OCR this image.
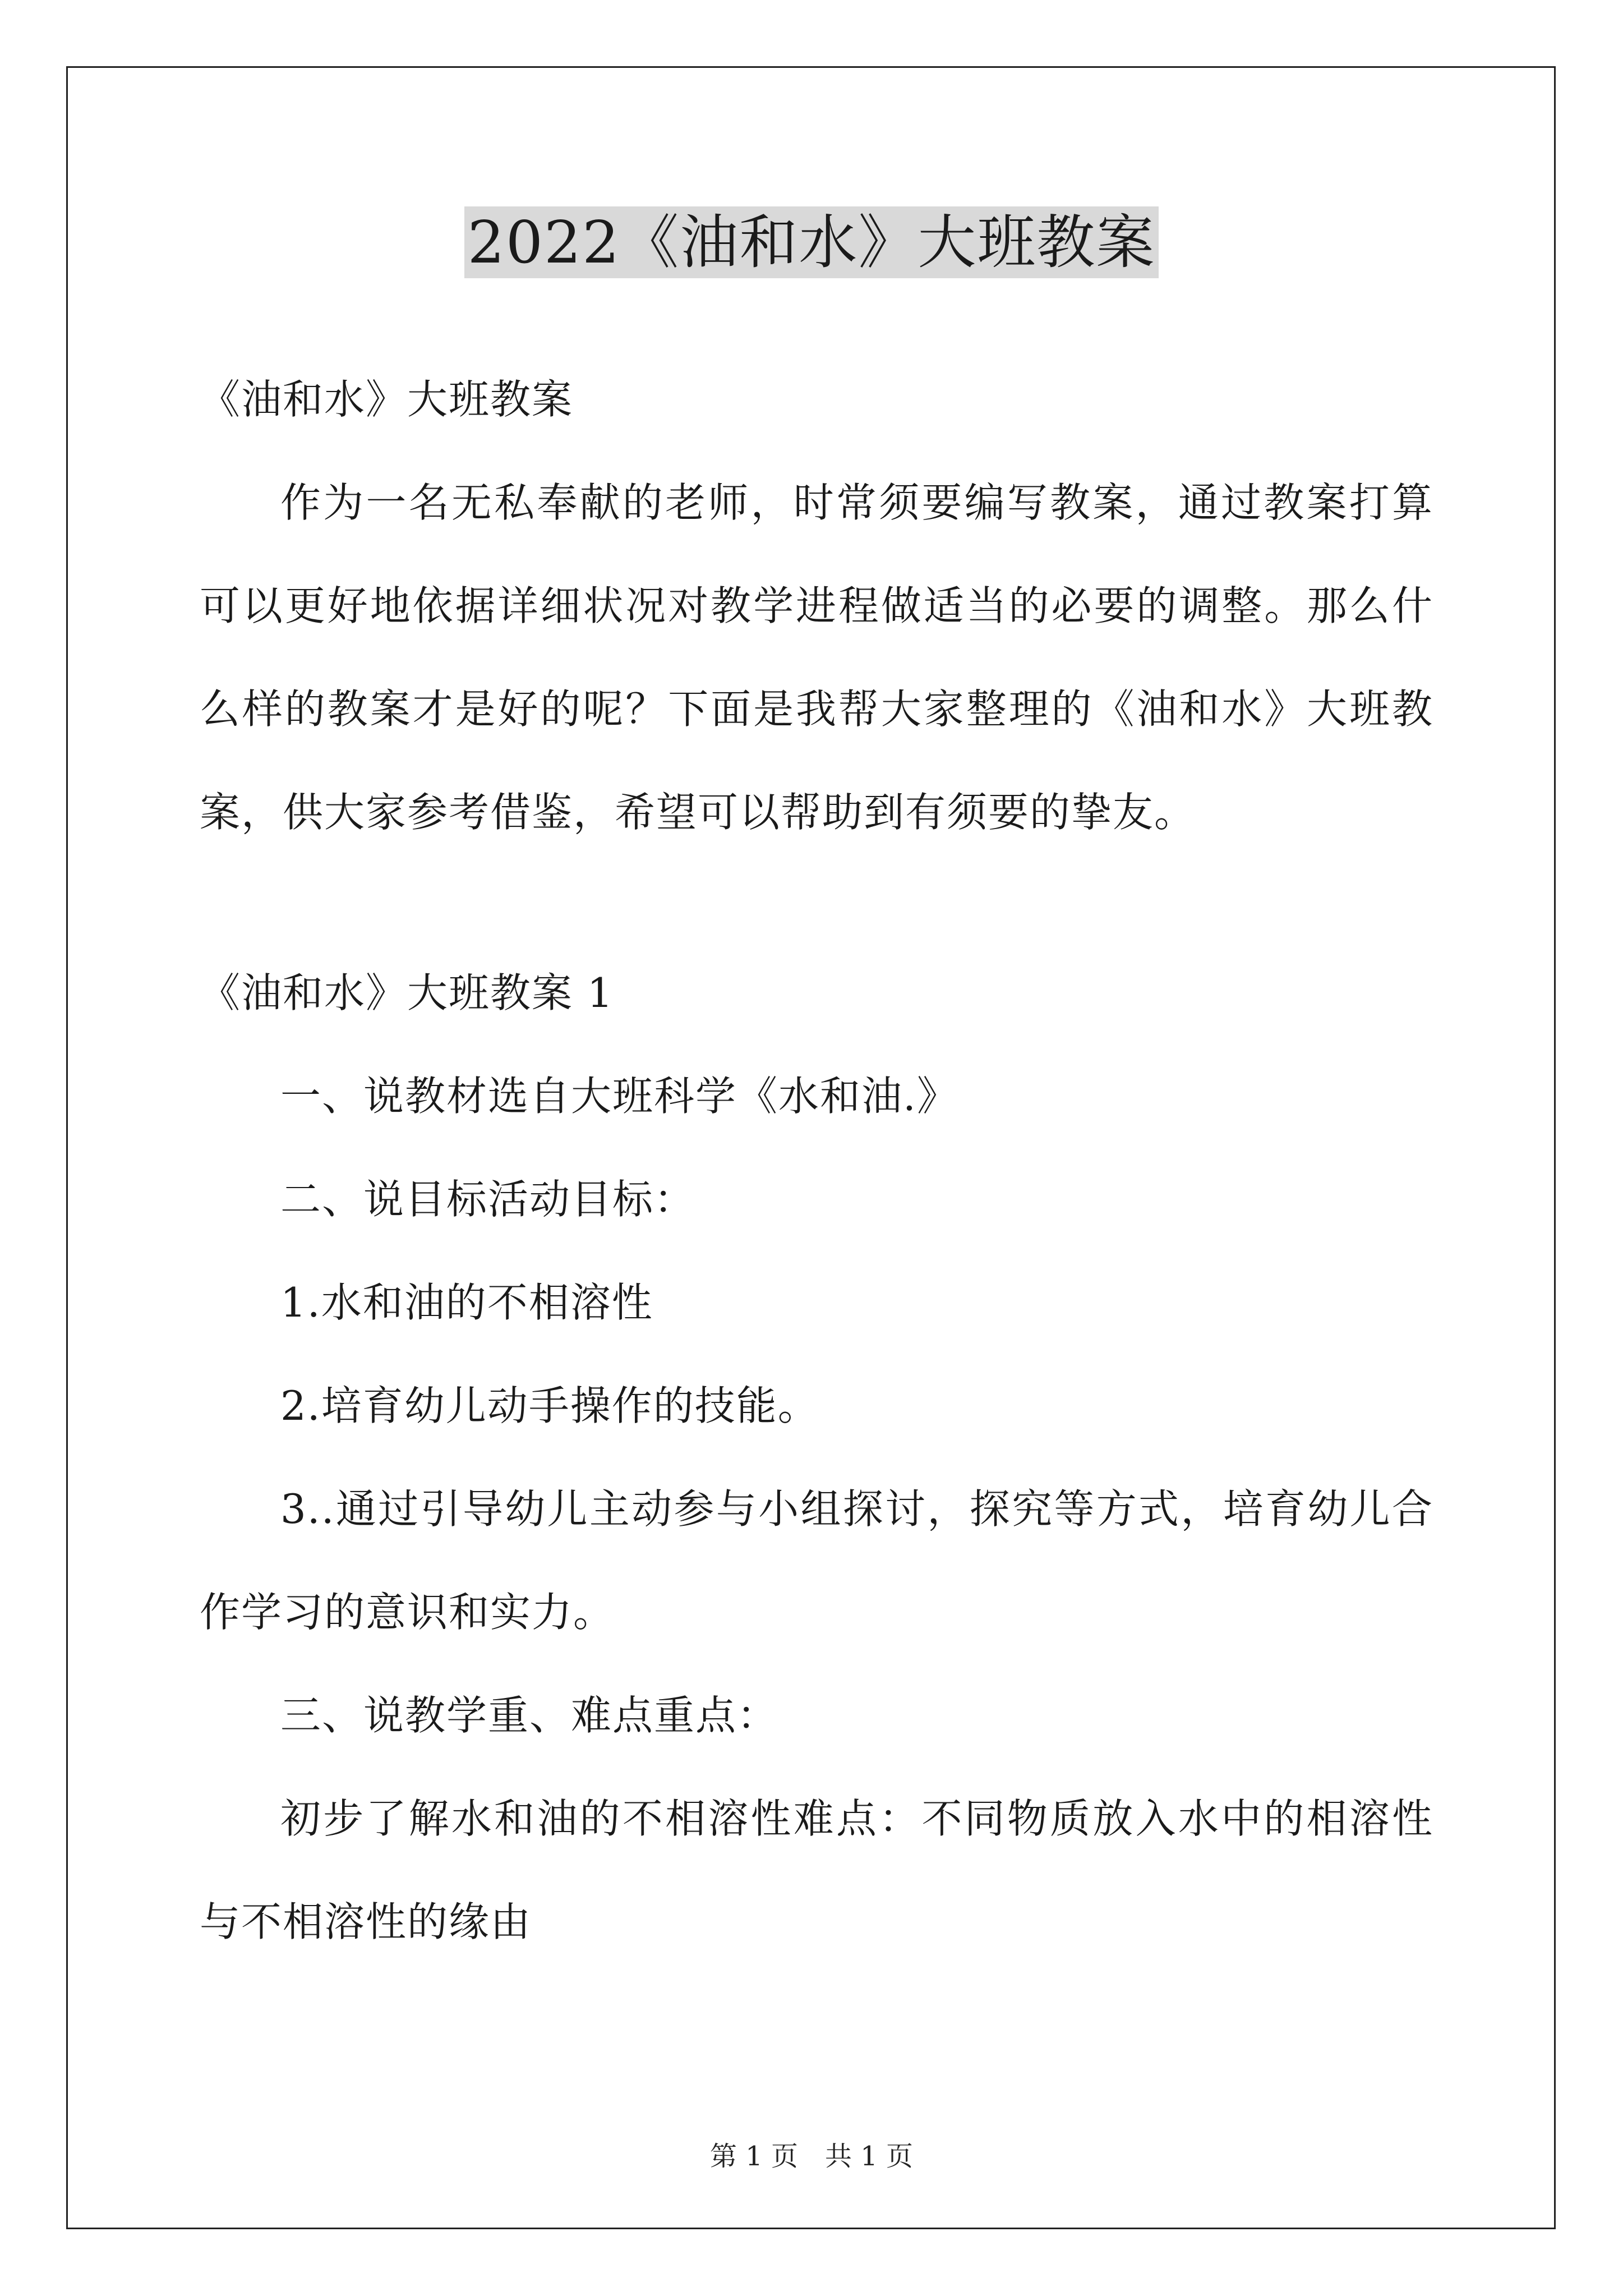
2022《油和水》大班教案

《油和水》大班教案

作为一名无私奉献的老师，时常须要编写教案，通过教案打算可以更好地依据详细状况对教学进程做适当的必要的调整。那么什么样的教案才是好的呢？下面是我帮大家整理的《油和水》大班教案，供大家参考借鉴，希望可以帮助到有须要的挚友。

《油和水》大班教案 1

一、说教材选自大班科学《水和油.》

二、说目标活动目标：

1.水和油的不相溶性

2.培育幼儿动手操作的技能。

3..通过引导幼儿主动参与小组探讨，探究等方式，培育幼儿合作学习的意识和实力。

三、说教学重、难点重点：

初步了解水和油的不相溶性难点：不同物质放入水中的相溶性与不相溶性的缘由

第 1 页　共 1 页
